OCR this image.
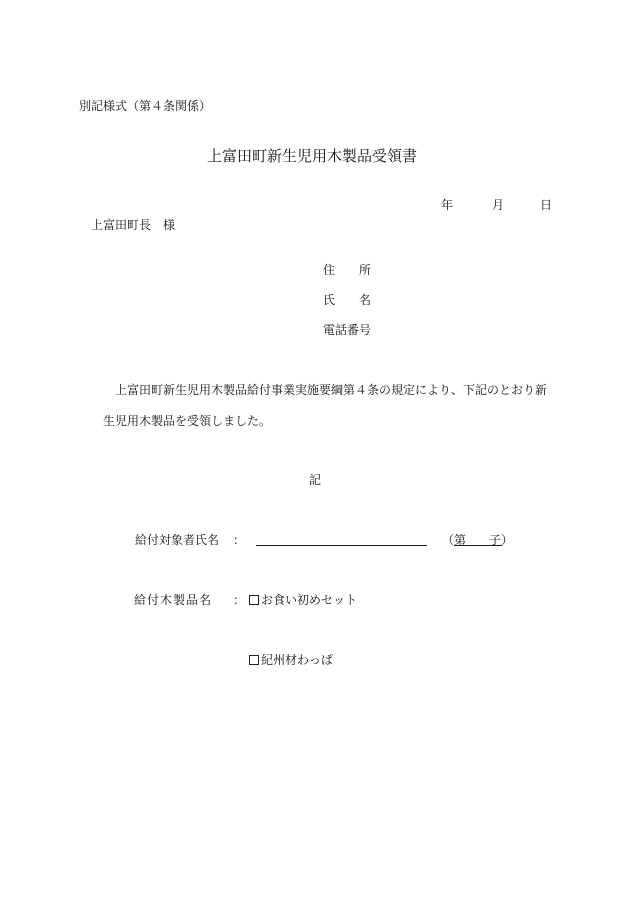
別記様式（第４条関係）
上富田町新生児用木製品受領書
年	月	日
上富田町長　様
住　　所
氏　　名
電話番号
上富田町新生児用木製品給付事業実施要綱第４条の規定により、下記のとおり新
生児用木製品を受領しました。
記
給付対象者氏名 ：	（第 子）
給付木製品名 ：	お食い初めセット
紀州材わっぱ
